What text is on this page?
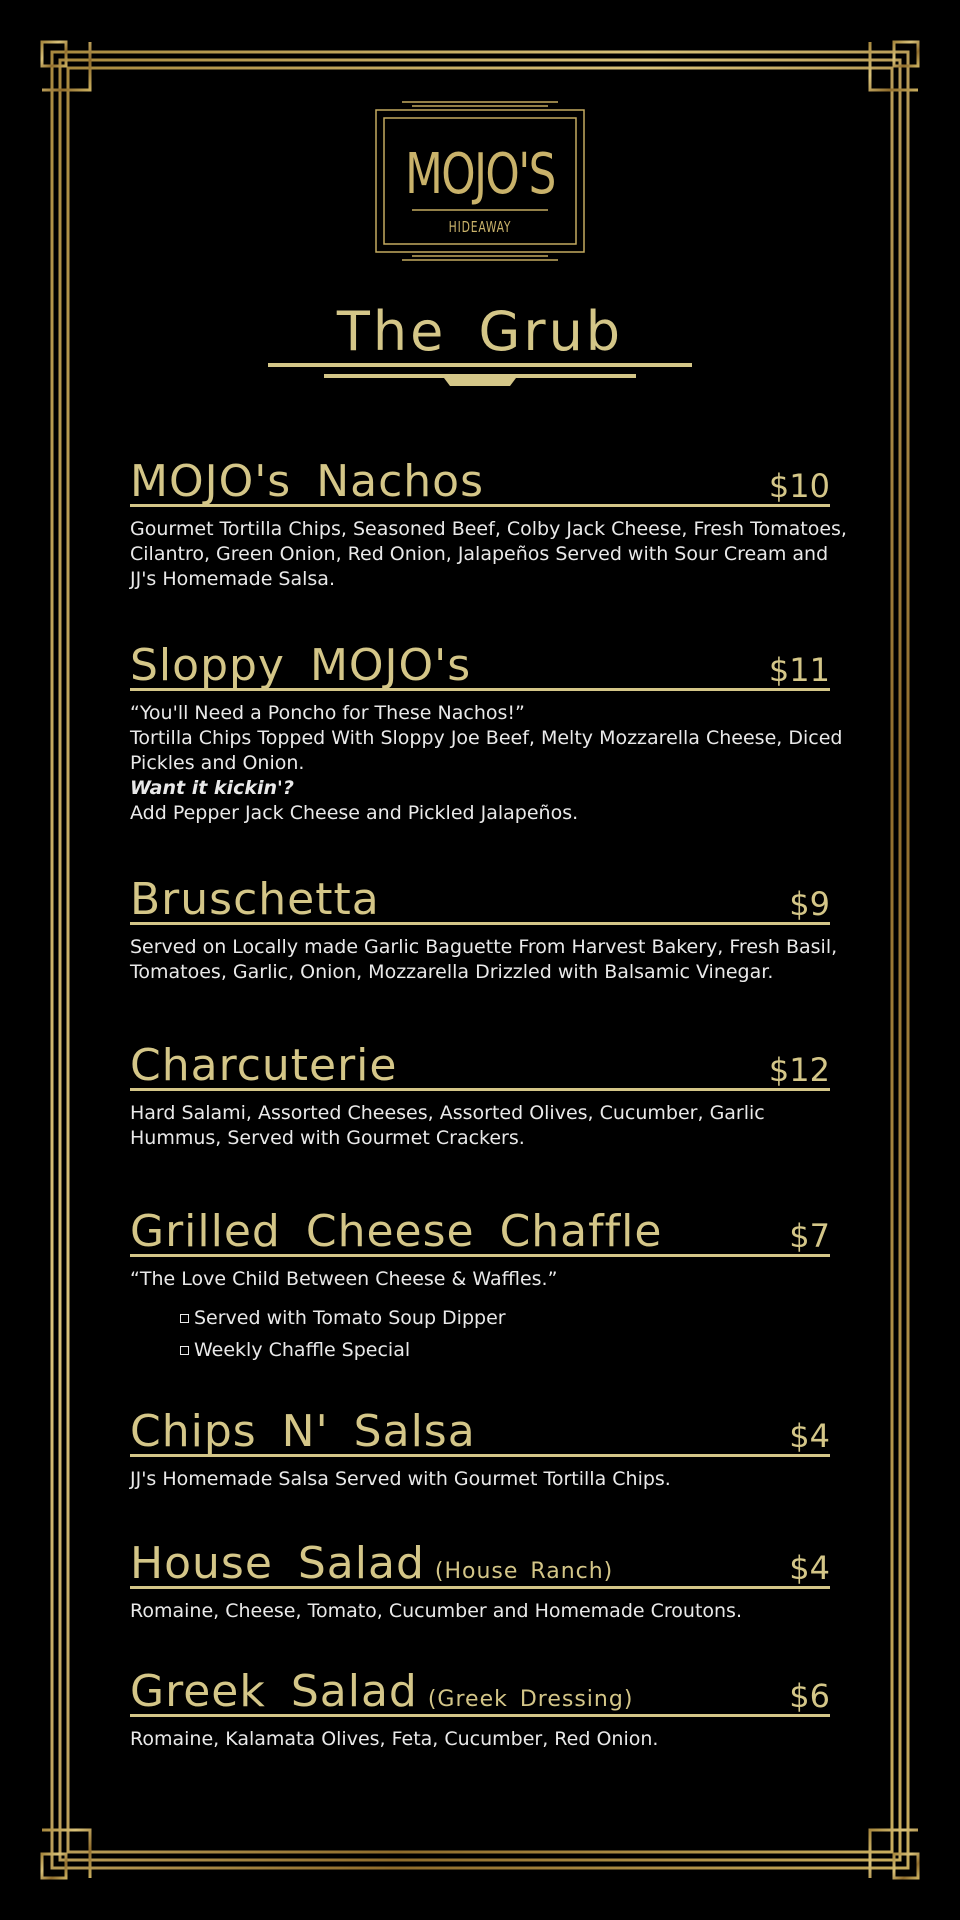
MOJO'S
HIDEAWAY
The Grub
MOJO's Nachos	$10

Gourmet Tortilla Chips, Seasoned Beef, Colby Jack Cheese, Fresh Tomatoes, Cilantro, Green Onion, Red Onion, Jalapeños Served with Sour Cream and JJ's Homemade Salsa.

Sloppy MOJO's	$11

“You'll Need a Poncho for These Nachos!”

Tortilla Chips Topped With Sloppy Joe Beef, Melty Mozzarella Cheese, Diced Pickles and Onion.

Want it kickin'?

Add Pepper Jack Cheese and Pickled Jalapeños.

Bruschetta	$9

Served on Locally made Garlic Baguette From Harvest Bakery, Fresh Basil, Tomatoes, Garlic, Onion, Mozzarella Drizzled with Balsamic Vinegar.

Charcuterie	$12

Hard Salami, Assorted Cheeses, Assorted Olives, Cucumber, Garlic Hummus, Served with Gourmet Crackers.

Grilled Cheese Chaffle	$7

“The Love Child Between Cheese & Waffles.”

Served with Tomato Soup Dipper
Weekly Chaffle Special
Chips N' Salsa	$4

JJ's Homemade Salsa Served with Gourmet Tortilla Chips.

House Salad (House Ranch)	$4

Romaine, Cheese, Tomato, Cucumber and Homemade Croutons.

Greek Salad (Greek Dressing)	$6

Romaine, Kalamata Olives, Feta, Cucumber, Red Onion.
